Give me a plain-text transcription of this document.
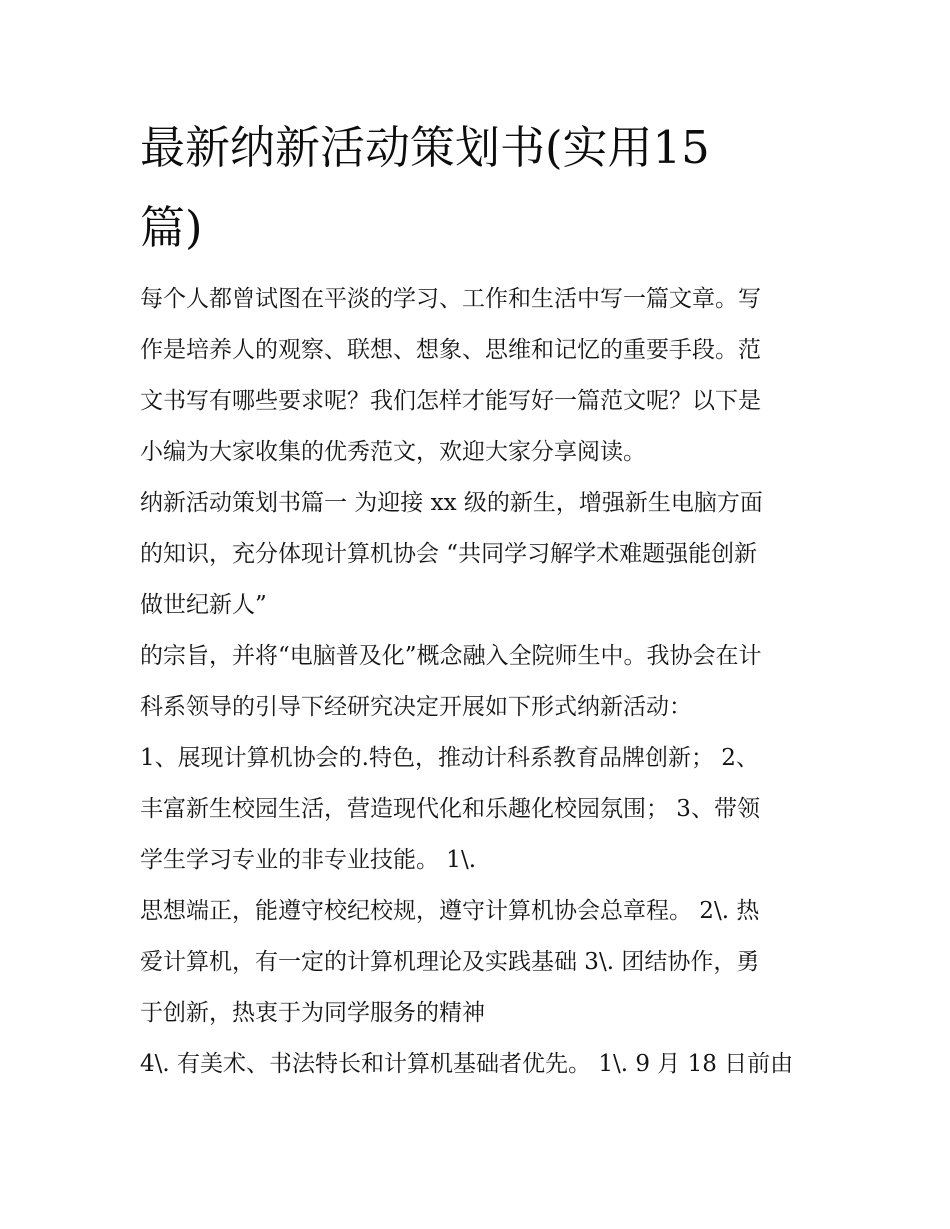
最新纳新活动策划书(实用15
篇)

每个人都曾试图在平淡的学习、工作和生活中写一篇文章。写
作是培养人的观察、联想、想象、思维和记忆的重要手段。范
文书写有哪些要求呢？我们怎样才能写好一篇范文呢？以下是
小编为大家收集的优秀范文，欢迎大家分享阅读。

纳新活动策划书篇一 为迎接 xx 级的新生，增强新生电脑方面
的知识，充分体现计算机协会 “共同学习解学术难题强能创新
做世纪新人”

的宗旨，并将“电脑普及化”概念融入全院师生中。我协会在计
科系领导的引导下经研究决定开展如下形式纳新活动：

1、展现计算机协会的.特色，推动计科系教育品牌创新； 2、
丰富新生校园生活，营造现代化和乐趣化校园氛围； 3、带领
学生学习专业的非专业技能。 1\.

思想端正，能遵守校纪校规，遵守计算机协会总章程。 2\. 热
爱计算机，有一定的计算机理论及实践基础 3\. 团结协作，勇
于创新，热衷于为同学服务的精神

4\. 有美术、书法特长和计算机基础者优先。 1\. 9 月 18 日前由
